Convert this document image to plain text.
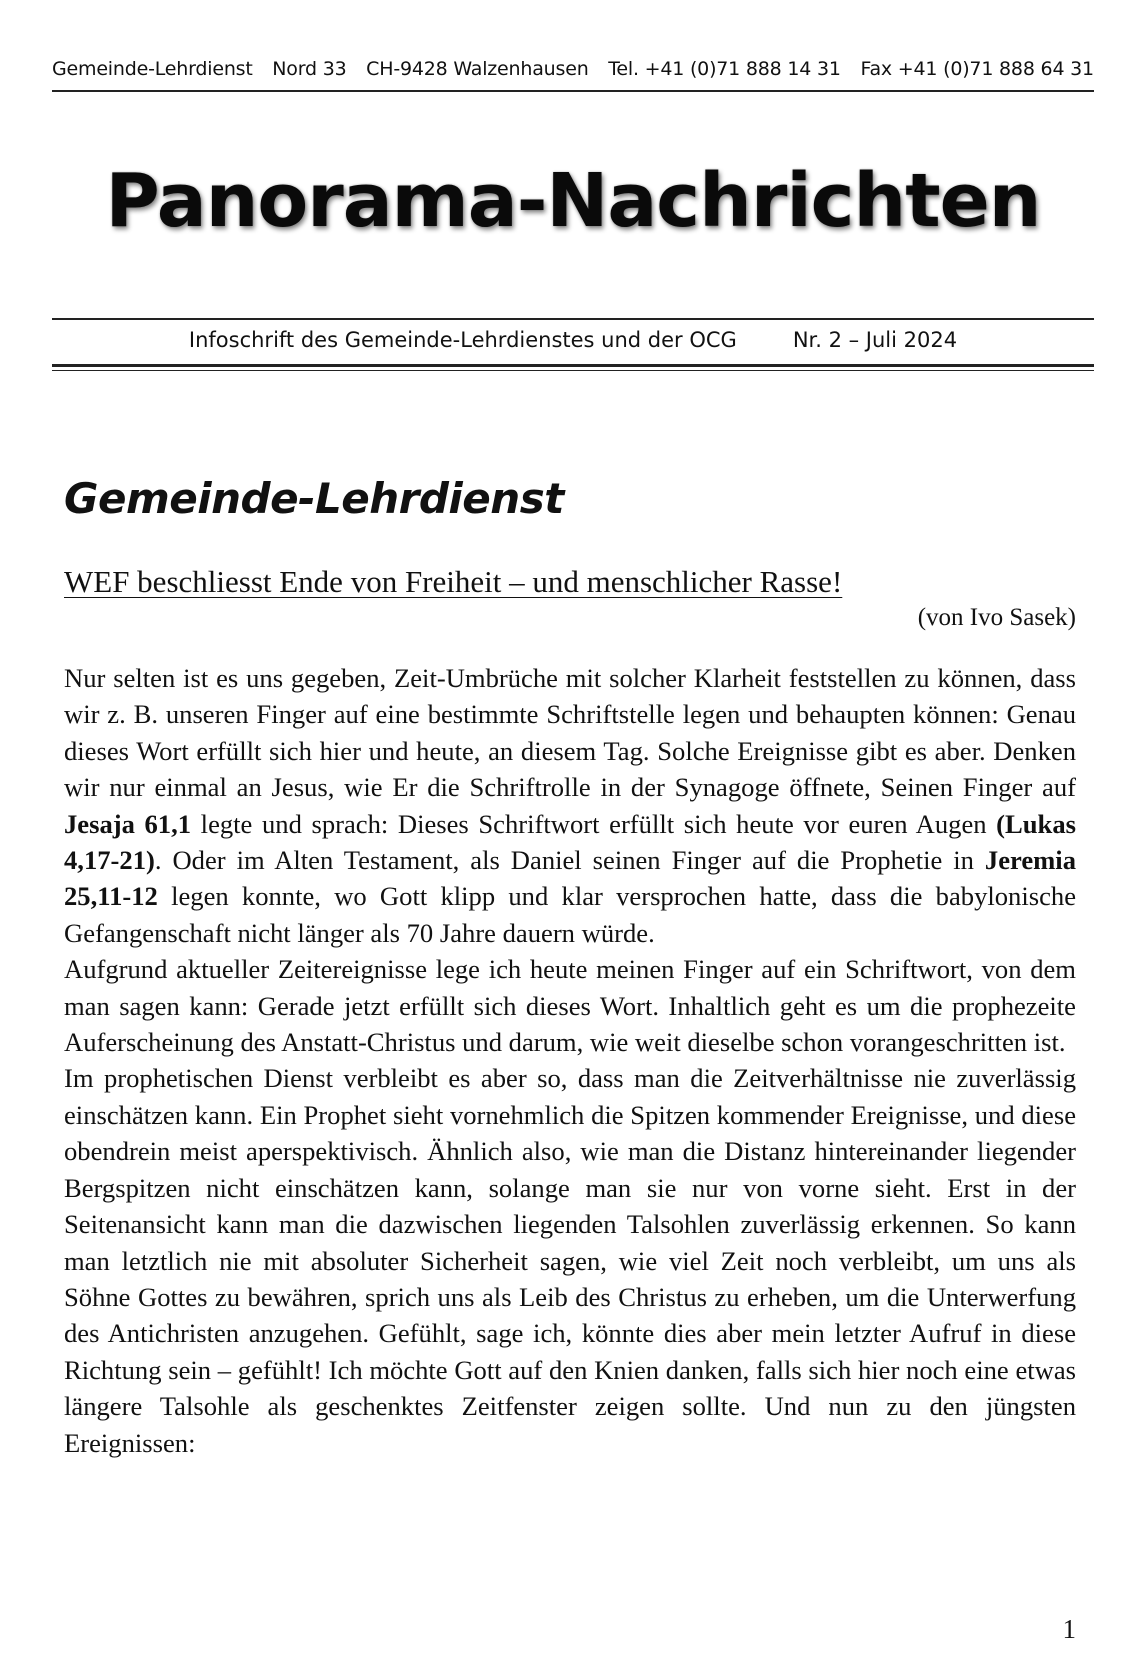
Gemeinde-Lehrdienst Nord 33 CH-9428 Walzenhausen Tel. +41 (0)71 888 14 31 Fax +41 (0)71 888 64 31
Panorama-Nachrichten
Infoschrift des Gemeinde-Lehrdienstes und der OCG	Nr. 2 – Juli 2024
Gemeinde-Lehrdienst
WEF beschliesst Ende von Freiheit – und menschlicher Rasse!
(von Ivo Sasek)

Nur selten ist es uns gegeben, Zeit-Umbrüche mit solcher Klarheit feststellen zu können, dass wir z. B. unseren Finger auf eine bestimmte Schriftstelle legen und behaupten können: Genau dieses Wort erfüllt sich hier und heute, an diesem Tag. Solche Ereignisse gibt es aber. Denken wir nur einmal an Jesus, wie Er die Schriftrolle in der Synagoge öffnete, Seinen Finger auf Jesaja 61,1 legte und sprach: Dieses Schriftwort erfüllt sich heute vor euren Augen (Lukas 4,17-21). Oder im Alten Testament, als Daniel seinen Finger auf die Prophetie in Jeremia 25,11-12 legen konnte, wo Gott klipp und klar versprochen hatte, dass die babylonische Gefangenschaft nicht länger als 70 Jahre dauern würde.

Aufgrund aktueller Zeitereignisse lege ich heute meinen Finger auf ein Schriftwort, von dem man sagen kann: Gerade jetzt erfüllt sich dieses Wort. Inhaltlich geht es um die prophezeite Auferscheinung des Anstatt-Christus und darum, wie weit dieselbe schon vorangeschritten ist.

Im prophetischen Dienst verbleibt es aber so, dass man die Zeitverhältnisse nie zuverlässig einschätzen kann. Ein Prophet sieht vornehmlich die Spitzen kommender Ereignisse, und diese obendrein meist aperspektivisch. Ähnlich also, wie man die Distanz hintereinander liegender Bergspitzen nicht einschätzen kann, solange man sie nur von vorne sieht. Erst in der Seitenansicht kann man die dazwischen liegenden Talsohlen zuverlässig erkennen. So kann man letztlich nie mit absoluter Sicherheit sagen, wie viel Zeit noch verbleibt, um uns als Söhne Gottes zu bewähren, sprich uns als Leib des Christus zu erheben, um die Unterwerfung des Antichristen anzugehen. Gefühlt, sage ich, könnte dies aber mein letzter Aufruf in diese Richtung sein – gefühlt! Ich möchte Gott auf den Knien danken, falls sich hier noch eine etwas längere Talsohle als geschenktes Zeitfenster zeigen sollte. Und nun zu den jüngsten Ereignissen:

1
